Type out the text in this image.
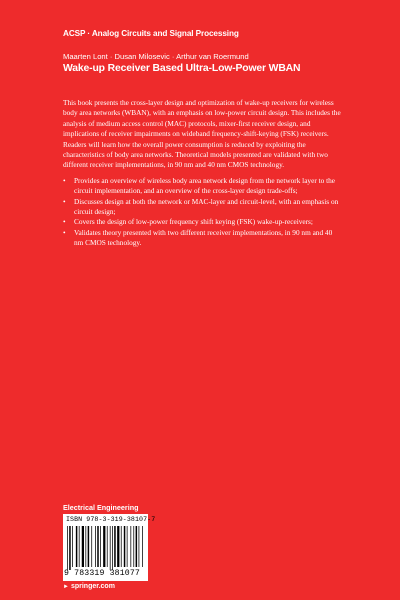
ACSP · Analog Circuits and Signal Processing
Maarten Lont · Dusan Milosevic · Arthur van Roermund
Wake-up Receiver Based Ultra-Low-Power WBAN

This book presents the cross-layer design and optimization of wake-up receivers for wireless body area networks (WBAN), with an emphasis on low-power circuit design. This includes the analysis of medium access control (MAC) protocols, mixer-first receiver design, and implications of receiver impairments on wideband frequency-shift-keying (FSK) receivers. Readers will learn how the overall power consumption is reduced by exploiting the characteristics of body area networks. Theoretical models presented are validated with two different receiver implementations, in 90 nm and 40 nm CMOS technology.

• Provides an overview of wireless body area network design from the network layer to the circuit implementation, and an overview of the cross-layer design trade-offs;
• Discusses design at both the network or MAC-layer and circuit-level, with an emphasis on circuit design;
• Covers the design of low-power frequency shift keying (FSK) wake-up-receivers;
• Validates theory presented with two different receiver implementations, in 90 nm and 40 nm CMOS technology.
Electrical Engineering
ISBN 978-3-319-38107-7
9 783319 381077
► springer.com
